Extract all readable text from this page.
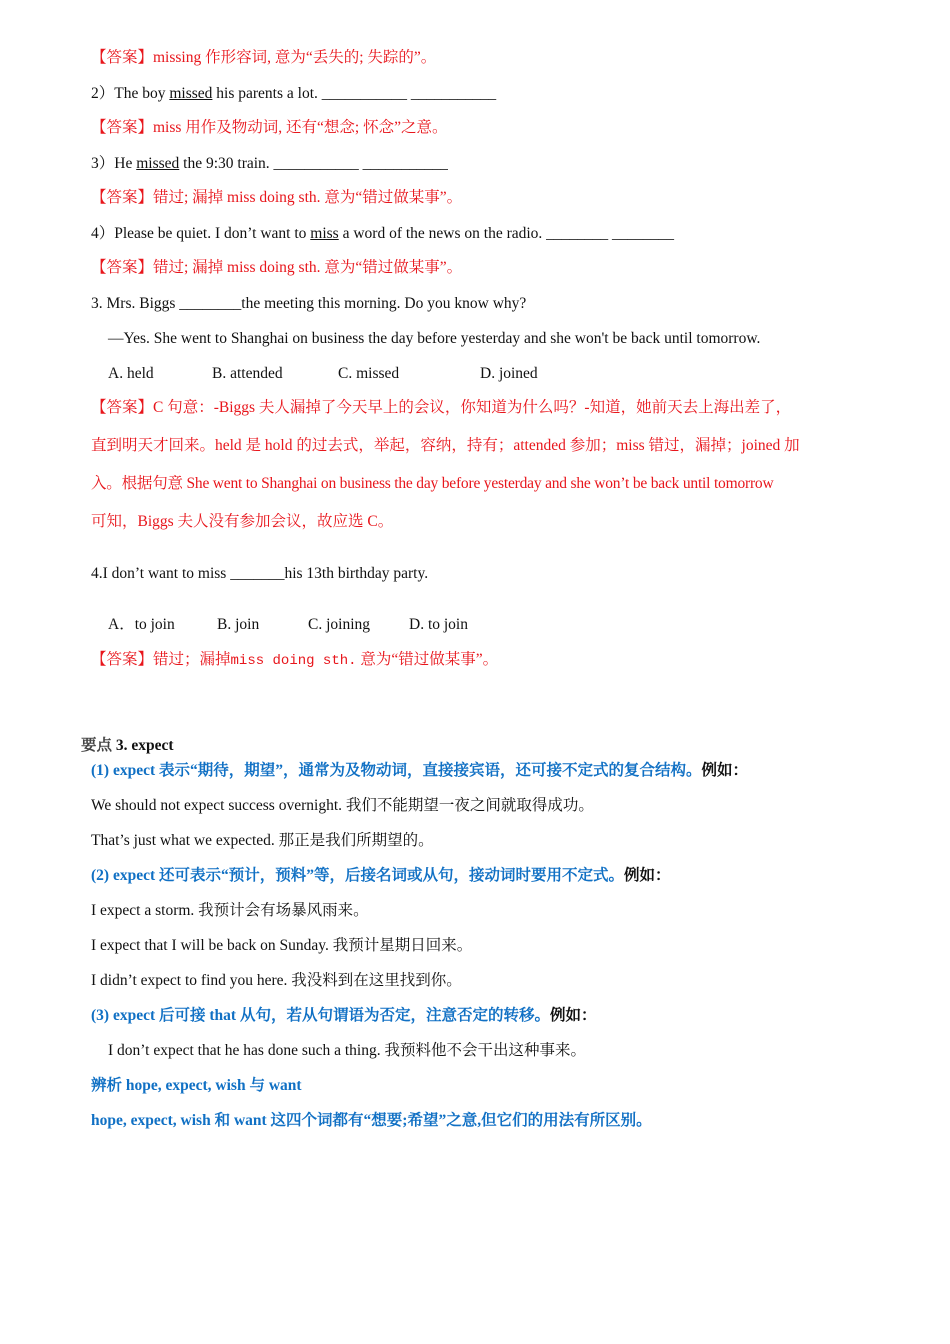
【答案】missing 作形容词, 意为“丢失的; 失踪的”。
2）The boy missed his parents a lot. ___________ ___________
【答案】miss 用作及物动词, 还有“想念; 怀念”之意。
3）He missed the 9:30 train. ___________ ___________
【答案】错过; 漏掉 miss doing sth. 意为“错过做某事”。
4）Please be quiet. I don’t want to miss a word of the news on the radio. ________ ________
【答案】错过; 漏掉 miss doing sth. 意为“错过做某事”。
3. Mrs. Biggs ________the meeting this morning. Do you know why?
—Yes. She went to Shanghai on business the day before yesterday and she won't be back until tomorrow.
A. held	B. attended	C. missed	D. joined
【答案】C 句意：-Biggs 夫人漏掉了今天早上的会议，你知道为什么吗？-知道，她前天去上海出差了，
直到明天才回来。held 是 hold 的过去式，举起，容纳，持有；attended 参加；miss 错过，漏掉；joined 加
入。根据句意 She went to Shanghai on business the day before yesterday and she won’t be back until tomorrow
可知，Biggs 夫人没有参加会议，故应选 C。
4.I don’t want to miss _______his 13th birthday party.
A．to join	B. join	C. joining	D. to join
【答案】错过；漏掉miss doing sth. 意为“错过做某事”。
要点 3. expect
(1) expect 表示“期待，期望”，通常为及物动词，直接接宾语，还可接不定式的复合结构。例如：
We should not expect success overnight. 我们不能期望一夜之间就取得成功。
That’s just what we expected. 那正是我们所期望的。
(2) expect 还可表示“预计，预料”等，后接名词或从句，接动词时要用不定式。例如：
I expect a storm. 我预计会有场暴风雨来。
I expect that I will be back on Sunday. 我预计星期日回来。
I didn’t expect to find you here. 我没料到在这里找到你。
(3) expect 后可接 that 从句，若从句谓语为否定，注意否定的转移。例如：
I don’t expect that he has done such a thing. 我预料他不会干出这种事来。
辨析 hope, expect, wish 与 want
hope, expect, wish 和 want 这四个词都有“想要;希望”之意,但它们的用法有所区别。
